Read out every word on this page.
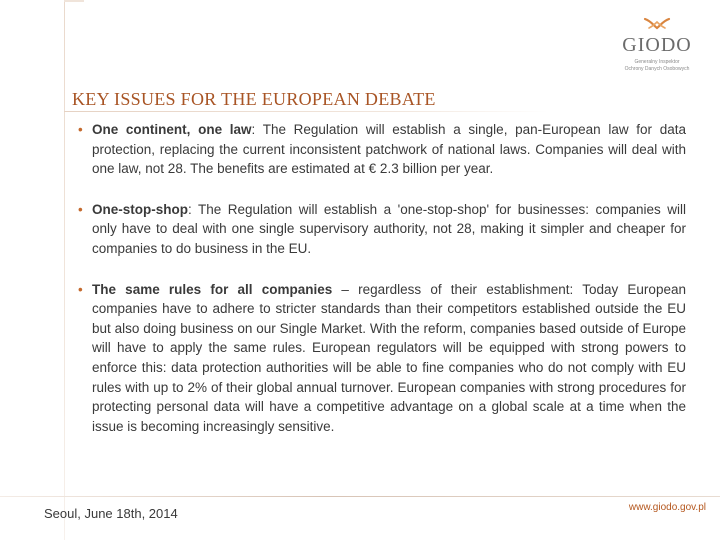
GIODO
Generalny Inspektor
Ochrony Danych Osobowych
KEY ISSUES FOR THE EUROPEAN DEBATE
• One continent, one law: The Regulation will establish a single, pan-European law for data protection, replacing the current inconsistent patchwork of national laws. Companies will deal with one law, not 28. The benefits are estimated at € 2.3 billion per year.
• One-stop-shop: The Regulation will establish a 'one-stop-shop' for businesses: companies will only have to deal with one single supervisory authority, not 28, making it simpler and cheaper for companies to do business in the EU.
• The same rules for all companies – regardless of their establishment: Today European companies have to adhere to stricter standards than their competitors established outside the EU but also doing business on our Single Market. With the reform, companies based outside of Europe will have to apply the same rules. European regulators will be equipped with strong powers to enforce this: data protection authorities will be able to fine companies who do not comply with EU rules with up to 2% of their global annual turnover. European companies with strong procedures for protecting personal data will have a competitive advantage on a global scale at a time when the issue is becoming increasingly sensitive.
Seoul, June 18th, 2014	www.giodo.gov.pl
